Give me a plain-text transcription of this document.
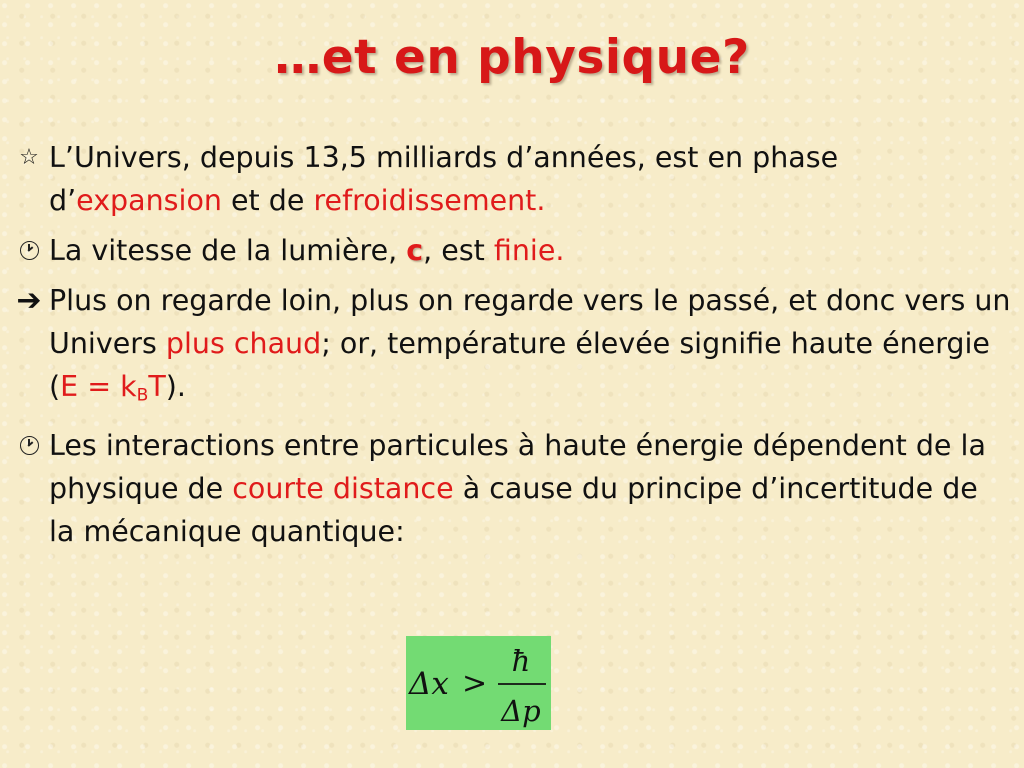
…et en physique?
☆ L’Univers, depuis 13,5 milliards d’années, est en phase d’expansion et de refroidissement.
La vitesse de la lumière, c, est finie.
➔ Plus on regarde loin, plus on regarde vers le passé, et donc vers un Univers plus chaud; or, température élevée signifie haute énergie $(E = k_BT)$.
Les interactions entre particules à haute énergie dépendent de la physique de courte distance à cause du principe d’incertitude de la mécanique quantique:
Δx >
ħ
Δp
